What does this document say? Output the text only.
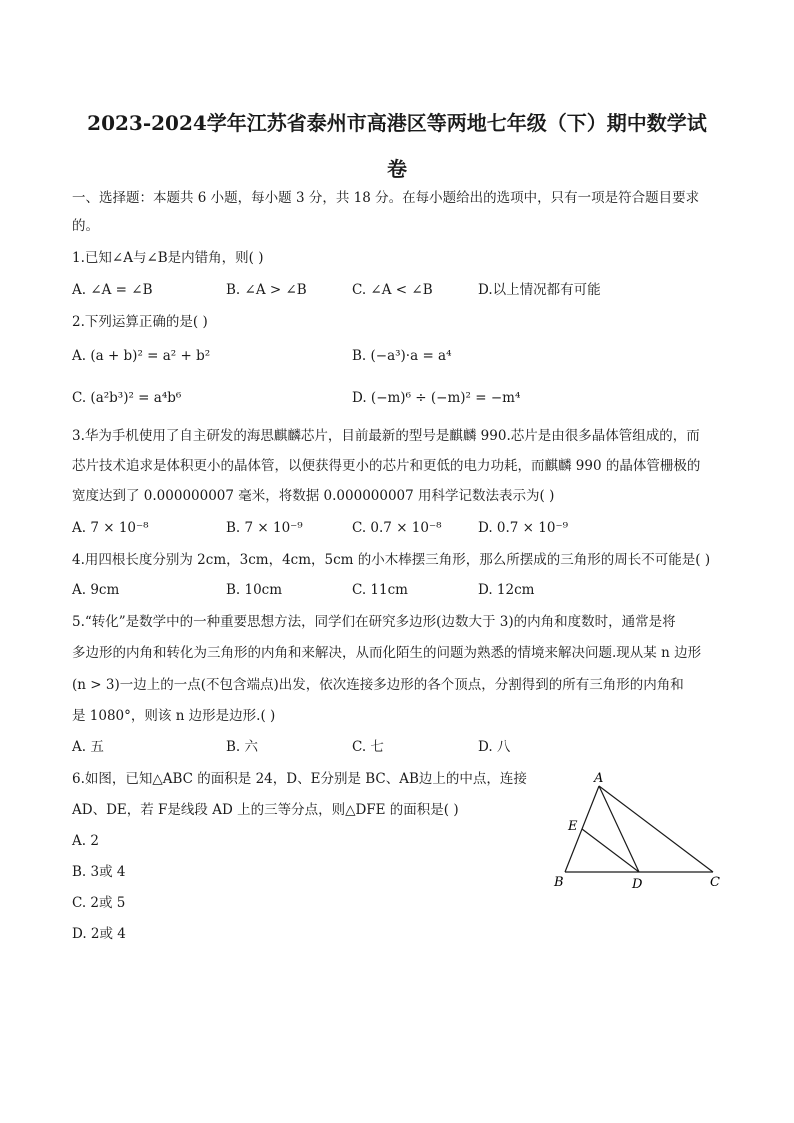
2023-2024学年江苏省泰州市高港区等两地七年级（下）期中数学试
卷
一、选择题：本题共 6 小题，每小题 3 分，共 18 分。在每小题给出的选项中，只有一项是符合题目要求
的。
1.已知∠A与∠B是内错角，则( )
A. ∠A = ∠B	B. ∠A > ∠B	C. ∠A < ∠B	D.以上情况都有可能
2.下列运算正确的是( )
A. (a + b)² = a² + b²	B. (−a³)·a = a⁴
C. (a²b³)² = a⁴b⁶	D. (−m)⁶ ÷ (−m)² = −m⁴
3.华为手机使用了自主研发的海思麒麟芯片，目前最新的型号是麒麟 990.芯片是由很多晶体管组成的，而
芯片技术追求是体积更小的晶体管，以便获得更小的芯片和更低的电力功耗，而麒麟 990 的晶体管栅极的
宽度达到了 0.000000007 毫米，将数据 0.000000007 用科学记数法表示为( )
A. 7 × 10⁻⁸	B. 7 × 10⁻⁹	C. 0.7 × 10⁻⁸	D. 0.7 × 10⁻⁹
4.用四根长度分别为 2cm，3cm，4cm，5cm 的小木棒摆三角形，那么所摆成的三角形的周长不可能是( )
A. 9cm	B. 10cm	C. 11cm	D. 12cm
5.“转化”是数学中的一种重要思想方法，同学们在研究多边形(边数大于 3)的内角和度数时，通常是将
多边形的内角和转化为三角形的内角和来解决，从而化陌生的问题为熟悉的情境来解决问题.现从某 n 边形
(n > 3)一边上的一点(不包含端点)出发，依次连接多边形的各个顶点，分割得到的所有三角形的内角和
是 1080°，则该 n 边形是边形.( )
A. 五	B. 六	C. 七	D. 八
6.如图，已知△ABC 的面积是 24，D、E分别是 BC、AB边上的中点，连接
AD、DE，若 F是线段 AD 上的三等分点，则△DFE 的面积是( )
A. 2
B. 3或 4
C. 2或 5
D. 2或 4
A
B	C
D
E
